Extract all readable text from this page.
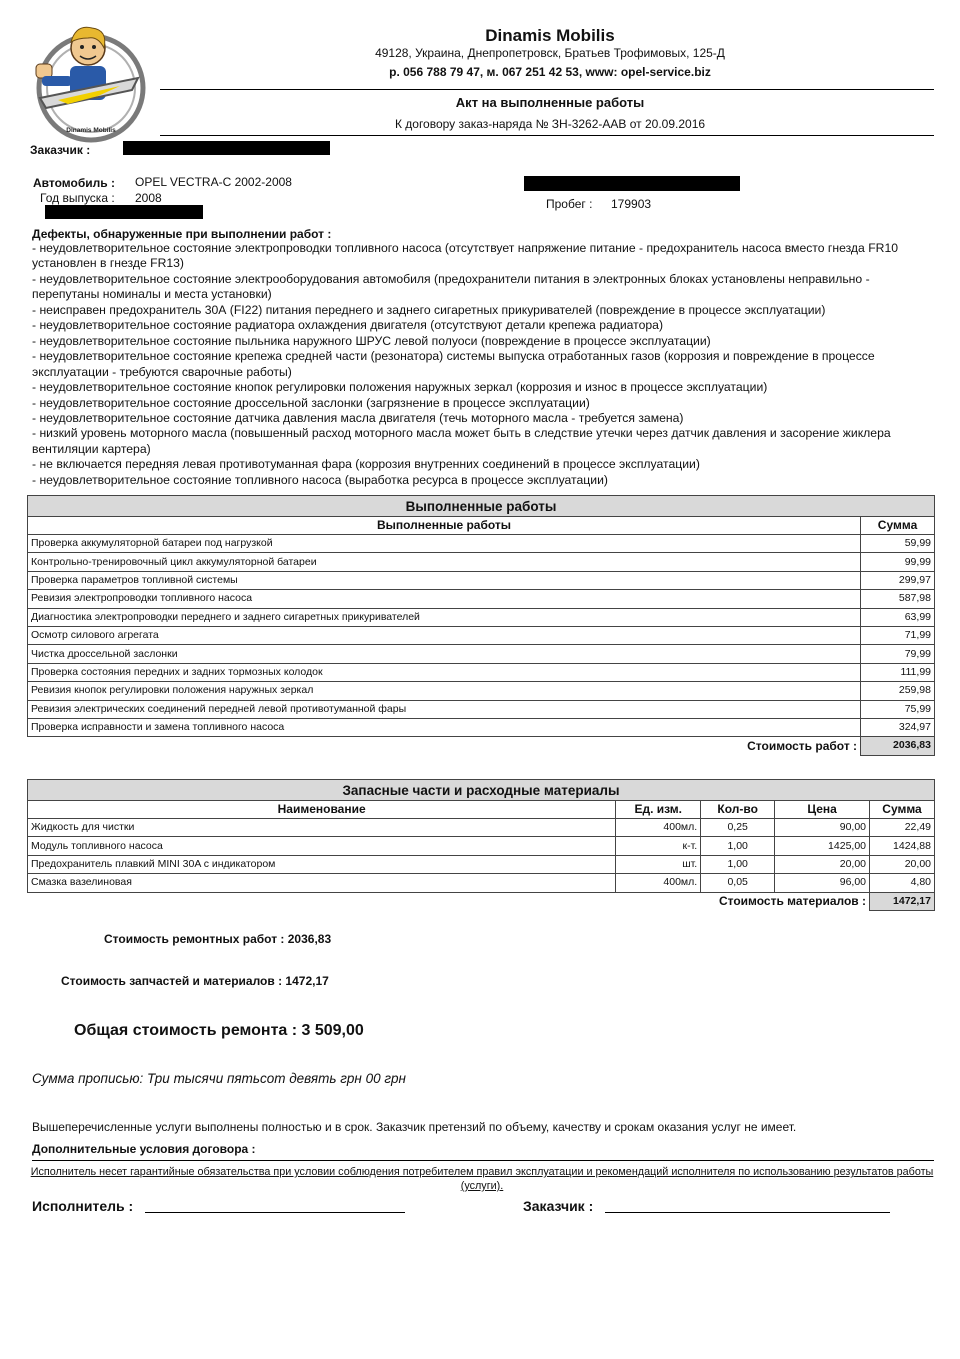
Dinamis Mobilis
Dinamis Mobilis
49128, Украина, Днепропетровск, Братьев Трофимовых, 125-Д
р. 056 788 79 47, м. 067 251 42 53, www: opel-service.biz
Акт на выполненные работы
К договору заказ-наряда № ЗН-3262-ААВ от 20.09.2016
Заказчик :
Автомобиль : OPEL VECTRA-C 2002-2008
Год выпуска : 2008	Пробег : 179903
Дефекты, обнаруженные при выполнении работ :
- неудовлетворительное состояние электропроводки топливного насоса (отсутствует напряжение питание - предохранитель насоса вместо гнезда FR10 установлен в гнезде FR13)
- неудовлетворительное состояние электрооборудования автомобиля (предохранители питания в электронных блоках установлены неправильно - перепутаны номиналы и места установки)
- неисправен предохранитель 30А (FI22) питания переднего и заднего сигаретных прикуривателей (повреждение в процессе эксплуатации)
- неудовлетворительное состояние радиатора охлаждения двигателя (отсутствуют детали крепежа радиатора)
- неудовлетворительное состояние пыльника наружного ШРУС левой полуоси (повреждение в процессе эксплуатации)
- неудовлетворительное состояние крепежа средней части (резонатора) системы выпуска отработанных газов (коррозия и повреждение в процессе эксплуатации - требуются сварочные работы)
- неудовлетворительное состояние кнопок регулировки положения наружных зеркал (коррозия и износ в процессе эксплуатации)
- неудовлетворительное состояние дроссельной заслонки (загрязнение в процессе эксплуатации)
- неудовлетворительное состояние датчика давления масла двигателя (течь моторного масла - требуется замена)
- низкий уровень моторного масла (повышенный расход моторного масла может быть в следствие утечки через датчик давления и засорение жиклера вентиляции картера)
- не включается передняя левая противотуманная фара (коррозия внутренних соединений в процессе эксплуатации)
- неудовлетворительное состояние топливного насоса (выработка ресурса в процессе эксплуатации)
Выполненные работы	
Выполненные работы	Сумма
Проверка аккумуляторной батареи под нагрузкой	59,99
Контрольно-тренировочный цикл аккумуляторной батареи	99,99
Проверка параметров топливной системы	299,97
Ревизия электропроводки топливного насоса	587,98
Диагностика электропроводки переднего и заднего сигаретных прикуривателей	63,99
Осмотр силового агрегата	71,99
Чистка дроссельной заслонки	79,99
Проверка состояния передних и задних тормозных колодок	111,99
Ревизия кнопок регулировки положения наружных зеркал	259,98
Ревизия электрических соединений передней левой противотуманной фары	75,99
Проверка исправности и замена топливного насоса	324,97
Стоимость работ :	2036,83
Запасные части и расходные материалы				
Наименование	Ед. изм.	Кол-во	Цена	Сумма
Жидкость для чистки	400мл.	0,25	90,00	22,49
Модуль топливного насоса	к-т.	1,00	1425,00	1424,88
Предохранитель плавкий MINI 30A с индикатором	шт.	1,00	20,00	20,00
Смазка вазелиновая	400мл.	0,05	96,00	4,80
Стоимость материалов :				1472,17
Стоимость ремонтных работ : 2036,83
Стоимость запчастей и материалов : 1472,17
Общая стоимость ремонта : 3 509,00
Сумма прописью: Три тысячи пятьсот девять грн 00 грн
Вышеперечисленные услуги выполнены полностью и в срок. Заказчик претензий по объему, качеству и срокам оказания услуг не имеет.
Дополнительные условия договора :
Исполнитель несет гарантийные обязательства при условии соблюдения потребителем правил эксплуатации и рекомендаций исполнителя по использованию результатов работы (услуги).
Исполнитель :	Заказчик :
